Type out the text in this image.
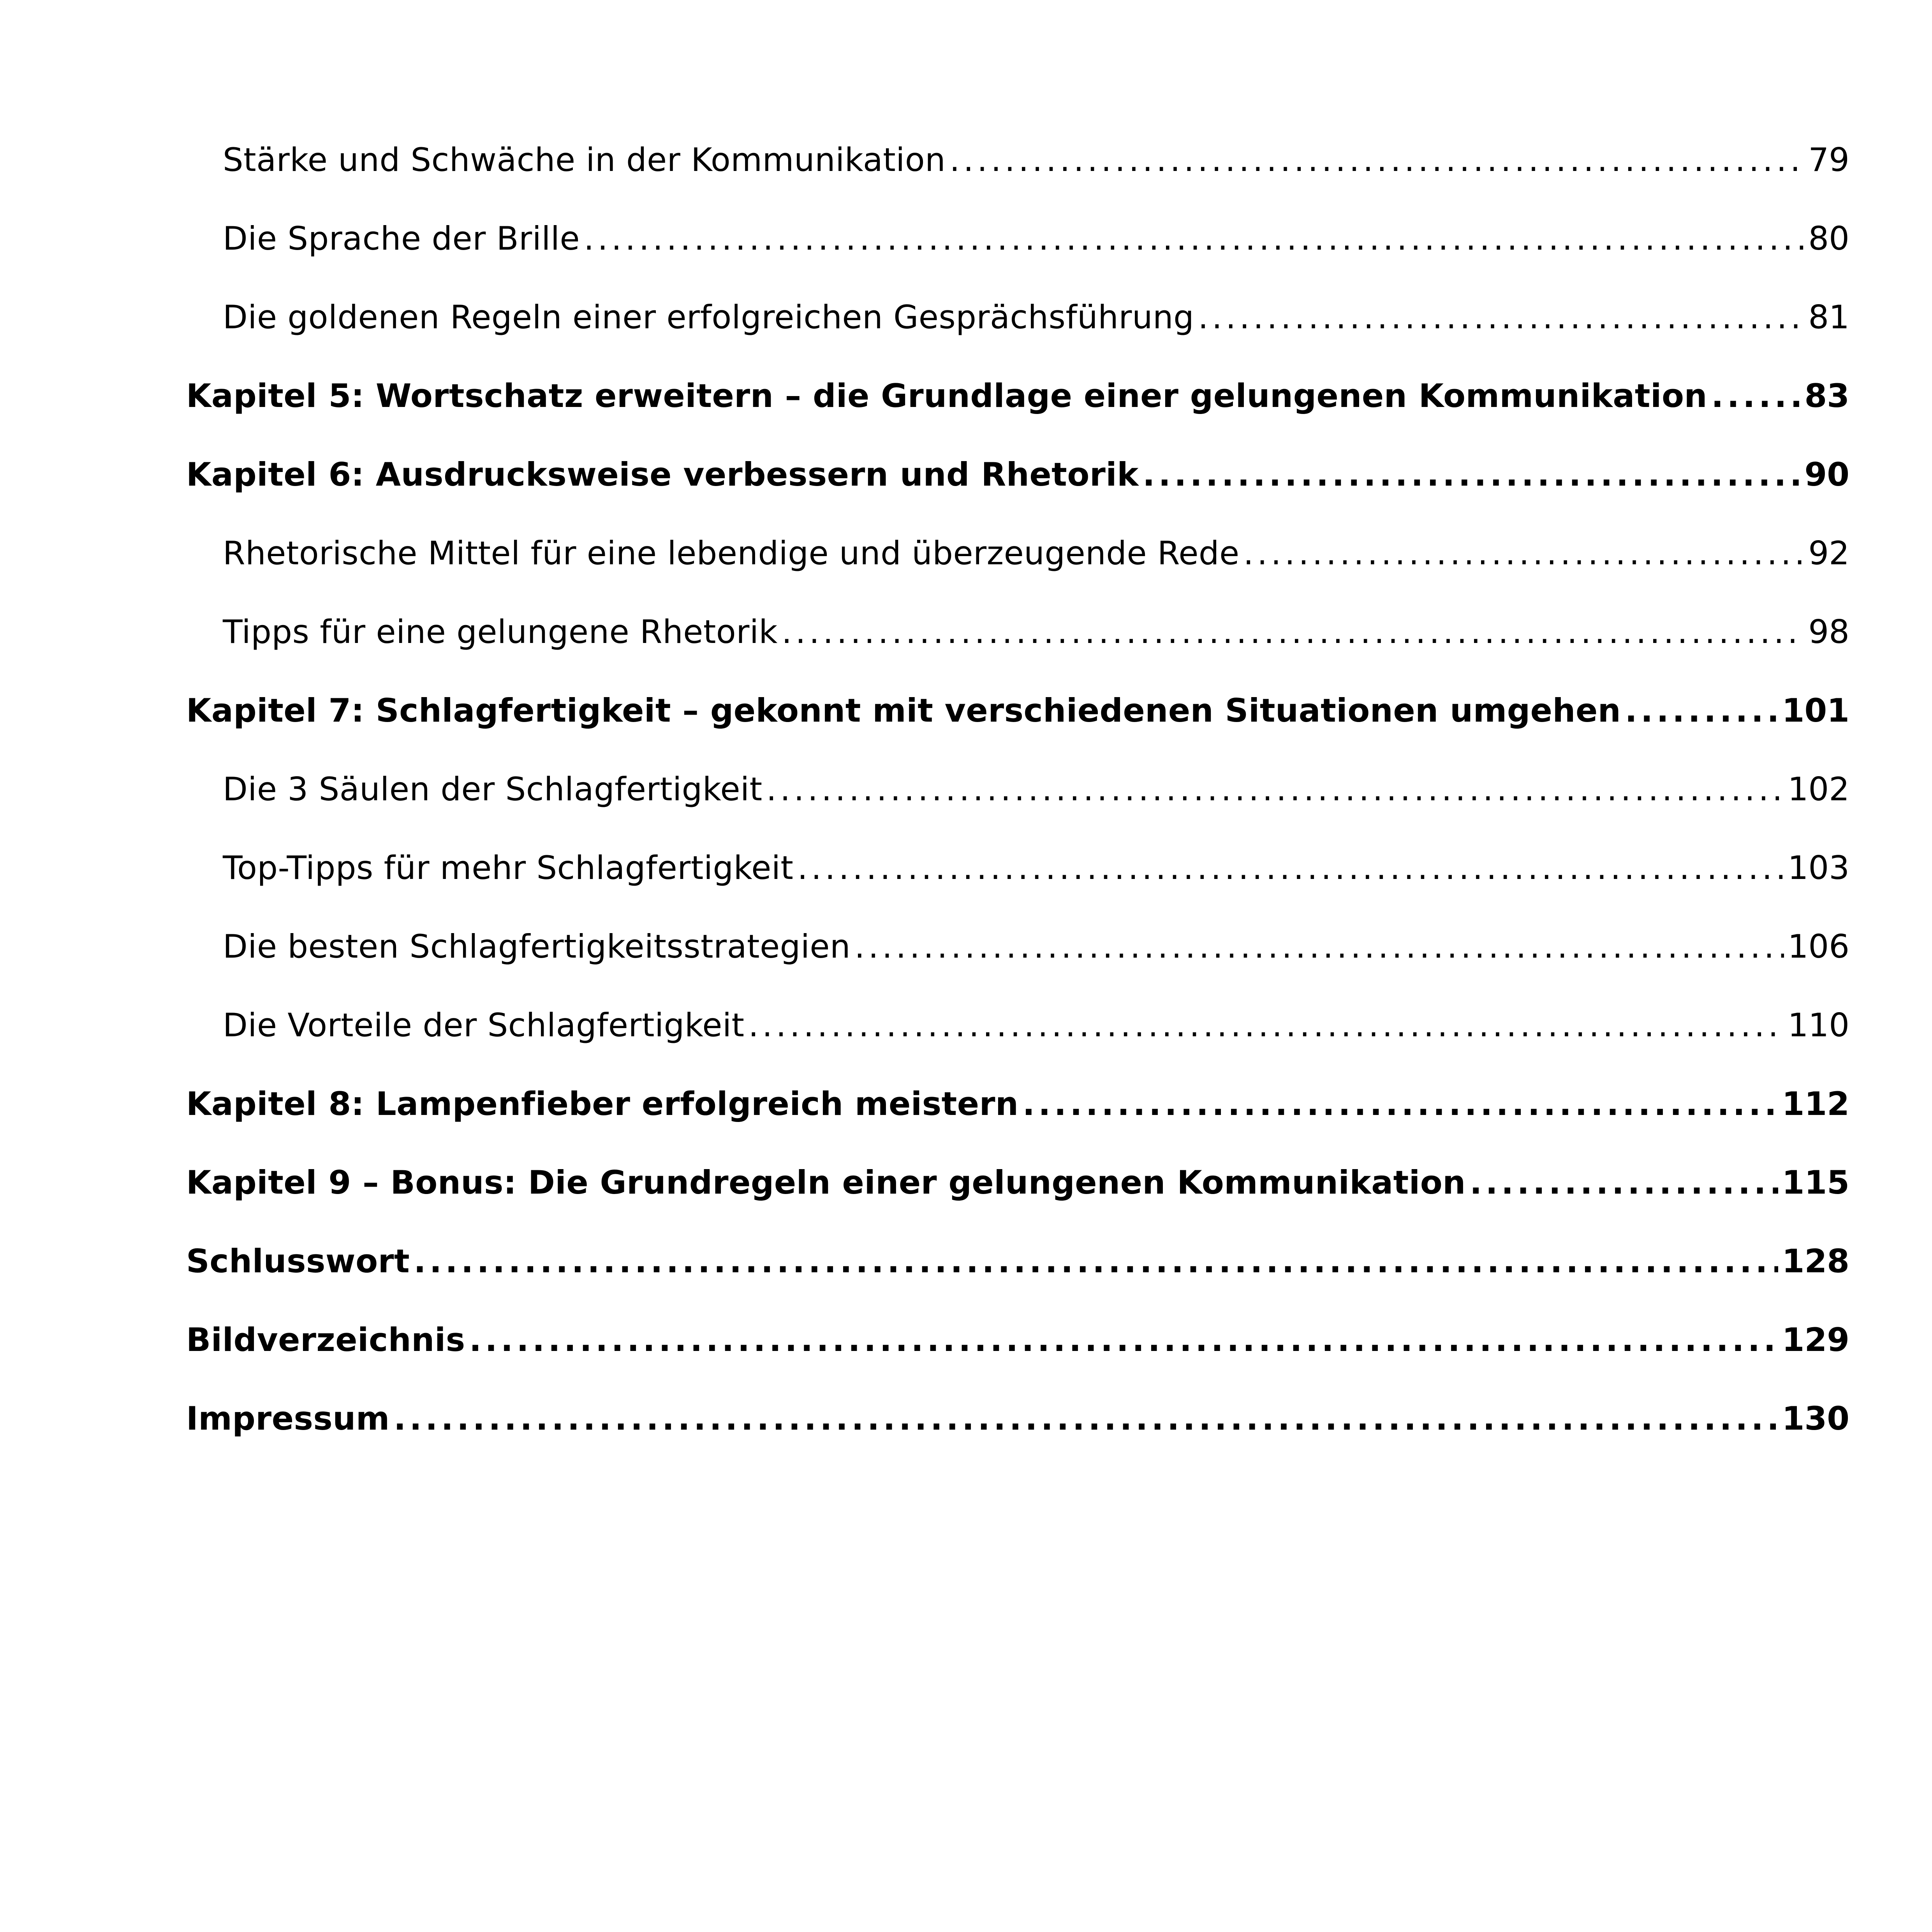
Stärke und Schwäche in der Kommunikation .....	79
Die Sprache der Brille .....	80
Die goldenen Regeln einer erfolgreichen Gesprächsführung .....	81
Kapitel 5: Wortschatz erweitern – die Grundlage einer gelungenen Kommunikation .....	83
Kapitel 6: Ausdrucksweise verbessern und Rhetorik .....	90
Rhetorische Mittel für eine lebendige und überzeugende Rede .....	92
Tipps für eine gelungene Rhetorik .....	98
Kapitel 7: Schlagfertigkeit – gekonnt mit verschiedenen Situationen umgehen .....	101
Die 3 Säulen der Schlagfertigkeit .....	102
Top-Tipps für mehr Schlagfertigkeit .....	103
Die besten Schlagfertigkeitsstrategien .....	106
Die Vorteile der Schlagfertigkeit .....	110
Kapitel 8: Lampenfieber erfolgreich meistern .....	112
Kapitel 9 – Bonus: Die Grundregeln einer gelungenen Kommunikation .....	115
Schlusswort .....	128
Bildverzeichnis .....	129
Impressum .....	130
